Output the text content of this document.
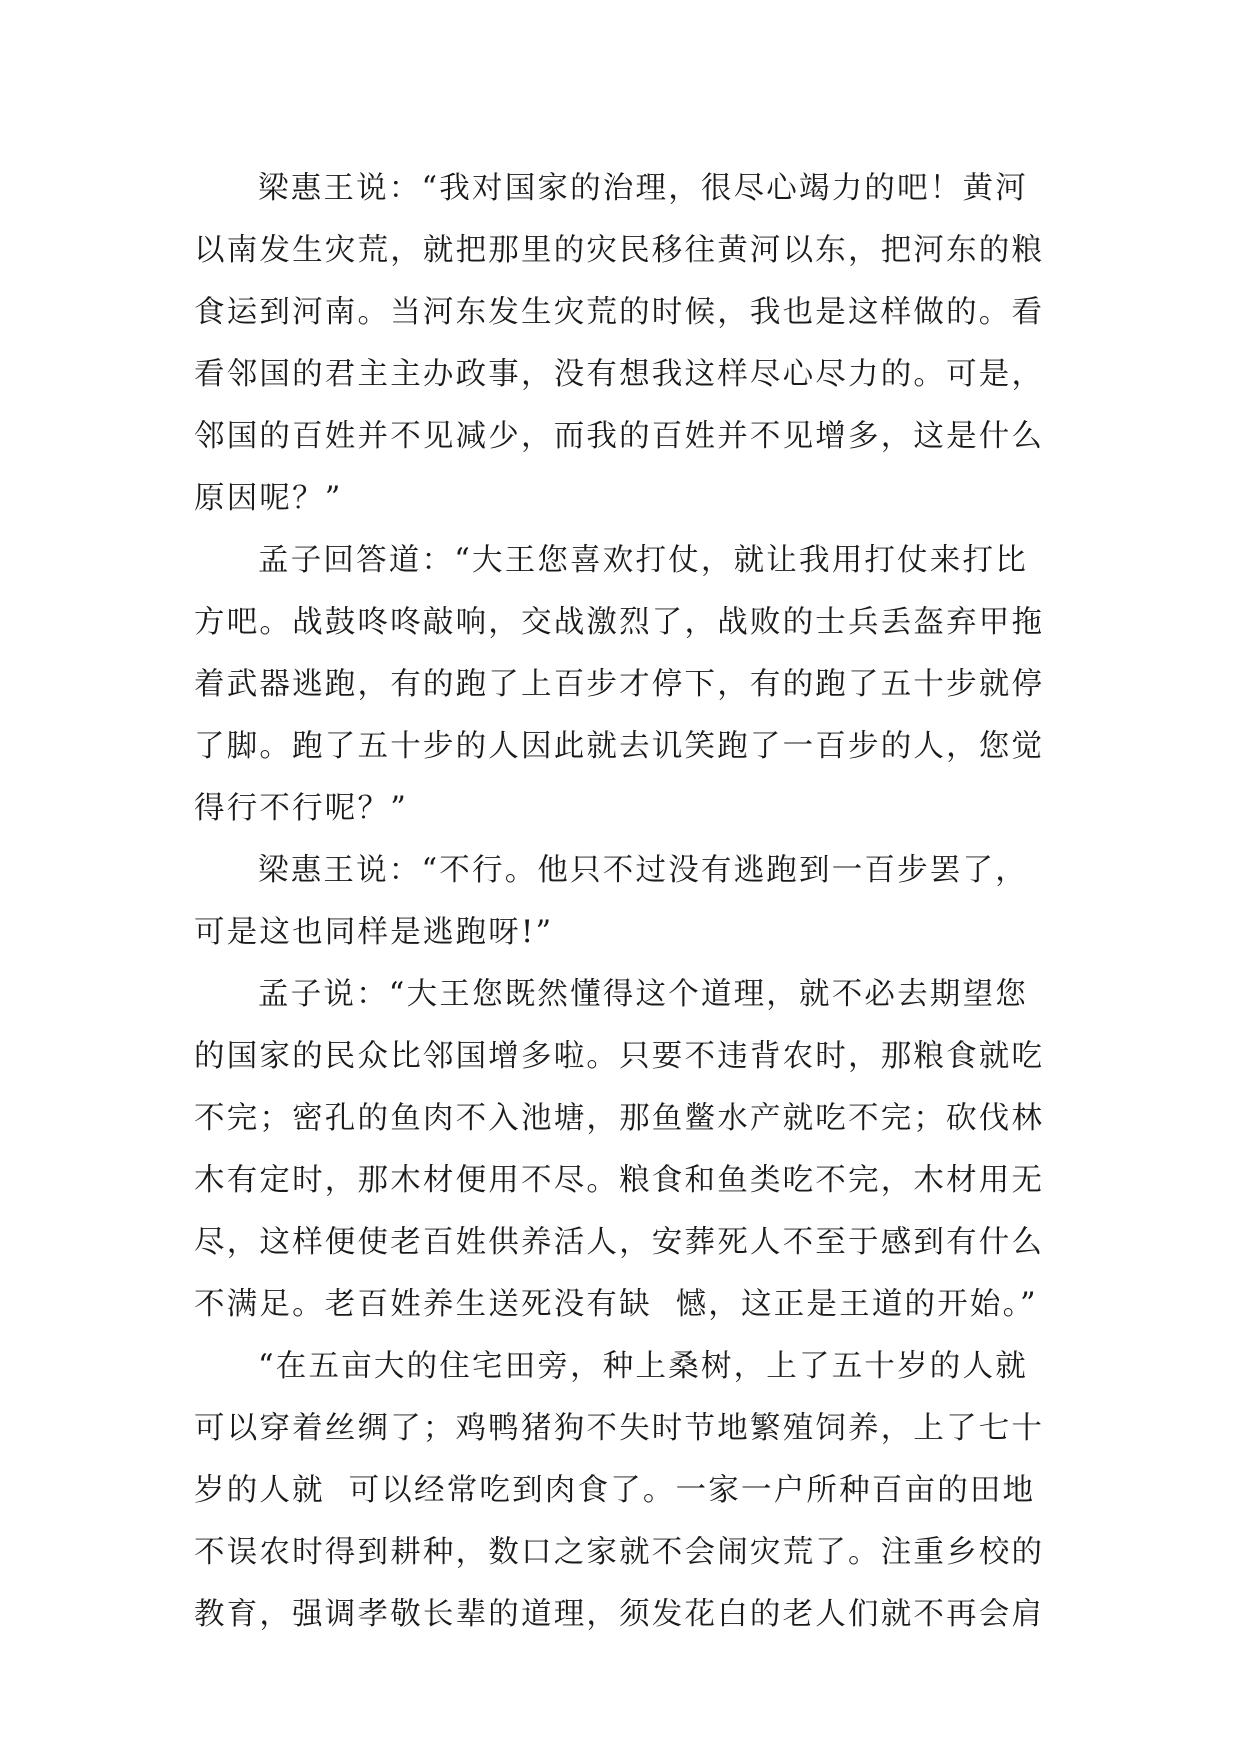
梁惠王说：“我对国家的治理，很尽心竭力的吧！黄河
以南发生灾荒，就把那里的灾民移往黄河以东，把河东的粮
食运到河南。当河东发生灾荒的时候，我也是这样做的。看
看邻国的君主主办政事，没有想我这样尽心尽力的。可是，
邻国的百姓并不见减少，而我的百姓并不见增多，这是什么
原因呢？”
孟子回答道：“大王您喜欢打仗，就让我用打仗来打比
方吧。战鼓咚咚敲响，交战激烈了，战败的士兵丢盔弃甲拖
着武器逃跑，有的跑了上百步才停下，有的跑了五十步就停
了脚。跑了五十步的人因此就去讥笑跑了一百步的人，您觉
得行不行呢？”
梁惠王说：“不行。他只不过没有逃跑到一百步罢了，
可是这也同样是逃跑呀!”
孟子说：“大王您既然懂得这个道理，就不必去期望您
的国家的民众比邻国增多啦。只要不违背农时，那粮食就吃
不完；密孔的鱼肉不入池塘，那鱼鳖水产就吃不完；砍伐林
木有定时，那木材便用不尽。粮食和鱼类吃不完，木材用无
尽，这样便使老百姓供养活人，安葬死人不至于感到有什么
不满足。老百姓养生送死没有缺  憾，这正是王道的开始。”
“在五亩大的住宅田旁，种上桑树，上了五十岁的人就
可以穿着丝绸了；鸡鸭猪狗不失时节地繁殖饲养，上了七十
岁的人就  可以经常吃到肉食了。一家一户所种百亩的田地
不误农时得到耕种，数口之家就不会闹灾荒了。注重乡校的
教育，强调孝敬长辈的道理，须发花白的老人们就不再会肩
